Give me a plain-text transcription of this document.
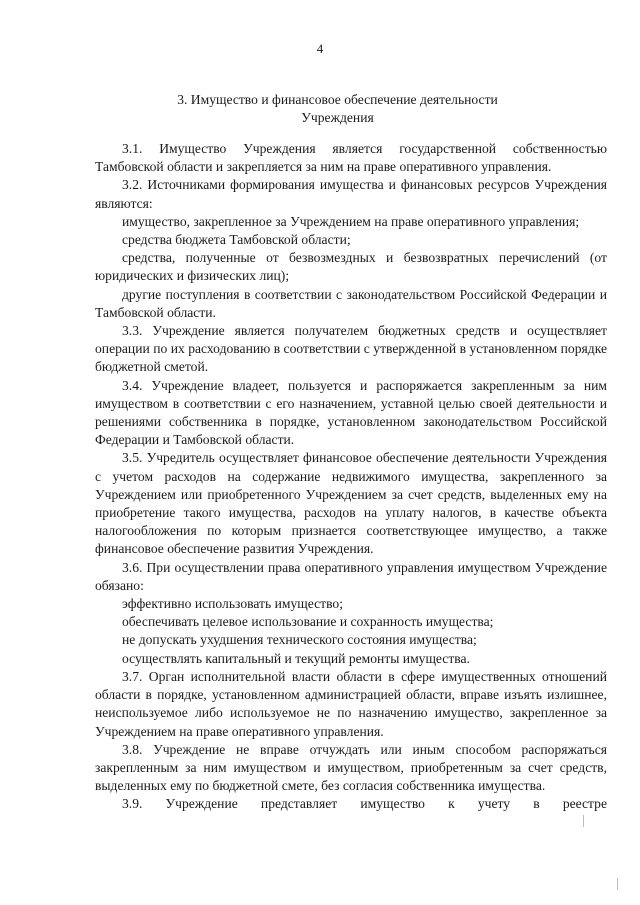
4
3. Имущество и финансовое обеспечение деятельности Учреждения

3.1. Имущество Учреждения является государственной собственностью Тамбовской области и закрепляется за ним на праве оперативного управления.

3.2. Источниками формирования имущества и финансовых ресурсов Учреждения являются:

имущество, закрепленное за Учреждением на праве оперативного управления;

средства бюджета Тамбовской области;

средства, полученные от безвозмездных и безвозвратных перечислений (от юридических и физических лиц);

другие поступления в соответствии с законодательством Российской Федерации и Тамбовской области.

3.3. Учреждение является получателем бюджетных средств и осуществляет операции по их расходованию в соответствии с утвержденной в установленном порядке бюджетной сметой.

3.4. Учреждение владеет, пользуется и распоряжается закрепленным за ним имуществом в соответствии с его назначением, уставной целью своей деятельности и решениями собственника в порядке, установленном законодательством Российской Федерации и Тамбовской области.

3.5. Учредитель осуществляет финансовое обеспечение деятельности Учреждения с учетом расходов на содержание недвижимого имущества, закрепленного за Учреждением или приобретенного Учреждением за счет средств, выделенных ему на приобретение такого имущества, расходов на уплату налогов, в качестве объекта налогообложения по которым признается соответствующее имущество, а также финансовое обеспечение развития Учреждения.

3.6. При осуществлении права оперативного управления имуществом Учреждение обязано:

эффективно использовать имущество;

обеспечивать целевое использование и сохранность имущества;

не допускать ухудшения технического состояния имущества;

осуществлять капитальный и текущий ремонты имущества.

3.7. Орган исполнительной власти области в сфере имущественных отношений области в порядке, установленном администрацией области, вправе изъять излишнее, неиспользуемое либо используемое не по назначению имущество, закрепленное за Учреждением на праве оперативного управления.

3.8. Учреждение не вправе отчуждать или иным способом распоряжаться закрепленным за ним имуществом и имуществом, приобретенным за счет средств, выделенных ему по бюджетной смете, без согласия собственника имущества.

3.9. Учреждение представляет имущество к учету в реестре
